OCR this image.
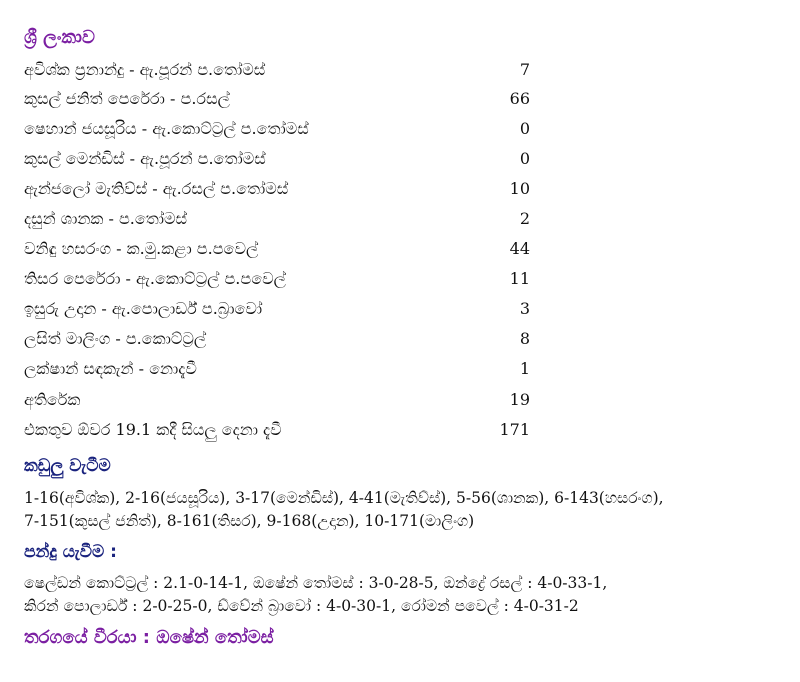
ශ්‍රී ලංකාව
අවිශ්ක ප්‍රනාන්දු - ඇ.පූරන් ප.තෝමස්	7
කුසල් ජනිත් පෙරේරා - ප.රසල්	66
ෂෙහාන් ජයසූරිය - ඇ.කොට්ට්‍රල් ප.තෝමස්	0
කුසල් මෙන්ඩිස් - ඇ.පූරන් ප.තෝමස්	0
ඇන්ජලෝ මැතිව්ස් - ඇ.රසල් ප.තෝමස්	10
දසුන් ශානක - ප.තෝමස්	2
වනිඳු හසරංග - ක.මු.කළා ප.පවෙල්	44
තිසර පෙරේරා - ඇ.කොට්ට්‍රල් ප.පවෙල්	11
ඉසුරු උදාන - ඇ.පොලාර්ඩ් ප.බ්‍රාවෝ	3
ලසිත් මාලිංග - ප.කොට්ට්‍රල්	8
ලක්ෂාන් සඳකැන් - නොදැවී	1
අතිරේක	19
එකතුව ඕවර 19.1 කදී සියලු දෙනා දැවී	171
කඩුලු වැටීම
1-16(අවිශ්ක), 2-16(ජයසූරිය), 3-17(මෙන්ඩිස්), 4-41(මැතිව්ස්), 5-56(ශානක), 6-143(හසරංග),
7-151(කුසල් ජනිත්), 8-161(තිසර), 9-168(උදාන), 10-171(මාලිංග)
පන්දු යැවීම :
ෂෙල්ඩන් කොට්ට්‍රල් : 2.1-0-14-1, ඔෂේන් තෝමස් : 3-0-28-5, ඔන්ද්‍රේ රසල් : 4-0-33-1,
කිරන් පොලාර්ඩ් : 2-0-25-0, ඩ්වේන් බ්‍රාවෝ : 4-0-30-1, රෝමන් පවෙල් : 4-0-31-2
තරගයේ වීරයා : ඔෂේන් තෝමස්
